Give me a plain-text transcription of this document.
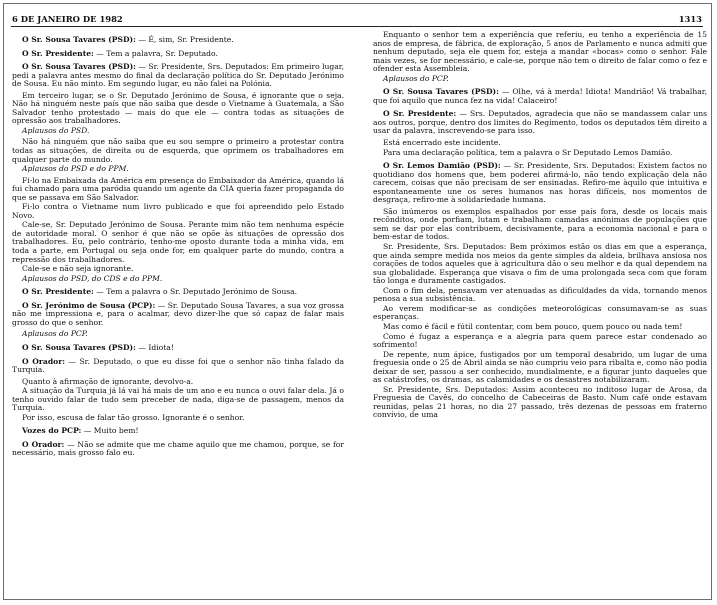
6 DE JANEIRO DE 1982	1313

O Sr. Sousa Tavares (PSD): — É, sim, Sr. Presidente.

O Sr. Presidente: — Tem a palavra, Sr. Deputado.

O Sr. Sousa Tavares (PSD): — Sr. Presidente, Srs. Deputados: Em primeiro lugar, pedi a palavra antes mesmo do final da declaração política do Sr. Deputado Jerónimo de Sousa. Eu não minto. Em segundo lugar, eu não falei na Polónia.

Em terceiro lugar, se o Sr. Deputado Jerónimo de Sousa, é ignorante que o seja. Não há ninguém neste país que não saiba que desde o Vietname à Guatemala, a São Salvador tenho protestado — mais do que ele — contra todas as situações de opressão aos trabalhadores.

Aplausos do PSD.

Não há ninguém que não saiba que eu sou sempre o primeiro a protestar contra todas as situações, de direita ou de esquerda, que oprimem os trabalhadores em qualquer parte do mundo.

Aplausos do PSD e do PPM.

Fi-lo na Embaixada da América em presença do Embaixador da América, quando lá fui chamado para uma paródia quando um agente da CIA queria fazer propaganda do que se passava em São Salvador.

Fi-lo contra o Vietname num livro publicado e que foi apreendido pelo Estado Novo.

Cale-se, Sr. Deputado Jerónimo de Sousa. Perante mim não tem nenhuma espécie de autoridade moral. O senhor é que não se opõe às situações de opressão dos trabalhadores. Eu, pelo contrário, tenho-me oposto durante toda a minha vida, em toda a parte, em Portugal ou seja onde for, em qualquer parte do mundo, contra a repressão dos trabalhadores.

Cale-se e não seja ignorante.

Aplausos do PSD, do CDS e do PPM.

O Sr. Presidente: — Tem a palavra o Sr. Deputado Jerónimo de Sousa.

O Sr. Jerónimo de Sousa (PCP): — Sr. Deputado Sousa Tavares, a sua voz grossa não me impressiona e, para o acalmar, devo dizer-lhe que só capaz de falar mais grosso do que o senhor.

Aplausos do PCP.

O Sr. Sousa Tavares (PSD): — Idiota!

O Orador: — Sr. Deputado, o que eu disse foi que o senhor não tinha falado da Turquia.

Quanto à afirmação de ignorante, devolvo-a.

A situação da Turquia já lá vai há mais de um ano e eu nunca o ouvi falar dela. Já o tenho ouvido falar de tudo sem preceber de nada, diga-se de passagem, menos da Turquia.

Por isso, escusa de falar tão grosso. Ignorante é o senhor.

Vozes do PCP: — Muito bem!

O Orador: — Não se admite que me chame aquilo que me chamou, porque, se for necessário, mais grosso falo eu.

Enquanto o senhor tem a experiência que referiu, eu tenho a experiência de 15 anos de empresa, de fábrica, de exploração, 5 anos de Parlamento e nunca admiti que nenhum deputado, seja ele quem for, esteja a mandar «bocas» como o senhor. Fale mais vezes, se for necessário, e cale-se, porque não tem o direito de falar como o fez e ofender esta Assembleia.

Aplausos do PCP.

O Sr. Sousa Tavares (PSD): — Olhe, vá à merda! Idiota! Mandrião! Vá trabalhar, que foi aquilo que nunca fez na vida! Calaceiro!

O Sr. Presidente: — Srs. Deputados, agradecia que não se mandassem calar uns aos outros, porque, dentro dos limites do Regimento, todos os deputados têm direito a usar da palavra, inscrevendo-se para isso.

Está encerrado este incidente.

Para uma declaração política, tem a palavra o Sr Deputado Lemos Damião.

O Sr. Lemos Damião (PSD): — Sr. Presidente, Srs. Deputados: Existem factos no quotidiano dos homens que, bem poderei afirmá-lo, não tendo explicação dela não carecem, coisas que não precisam de ser ensinadas. Refiro-me àquilo que intuitiva e espontaneamente une os seres humanos nas horas difíceis, nos momentos de desgraça, refiro-me à solidariedade humana.

São inúmeros os exemplos espalhados por esse país fora, desde os locais mais recônditos, onde porfiam, lutam e trabalham camadas anónimas de populações que sem se dar por elas contribuem, decisivamente, para a economia nacional e para o bem-estar de todos.

Sr. Presidente, Srs. Deputados: Bem próximos estão os dias em que a esperança, que ainda sempre medida nos meios da gente simples da aldeia, brilhava ansiosa nos corações de todos aqueles que à agricultura dão o seu melhor e da qual dependem na sua globalidade. Esperança que visava o fim de uma prolongada seca com que foram tão longa e duramente castigados.

Com o fim dela, pensavam ver atenuadas as dificuldades da vida, tornando menos penosa a sua subsistência.

Ao verem modificar-se as condições meteorológicas consumavam-se as suas esperanças.

Mas como é fácil e fútil contentar, com bem pouco, quem pouco ou nada tem!

Como é fugaz a esperança e a alegria para quem parece estar condenado ao sofrimento!

De repente, num ápice, fustigados por um temporal desabrido, um lugar de uma freguesia onde o 25 de Abril ainda se não cumpriu veio para ribalta e, como não podia deixar de ser, passou a ser conhecido, mundialmente, e a figurar junto daqueles que as catástrofes, os dramas, as calamidades e os desastres notabilizaram.

Sr. Presidente, Srs. Deputados: Assim aconteceu no inditoso lugar de Arosa, da Freguesia de Cavês, do concelho de Cabeceiras de Basto. Num café onde estavam reunidas, pelas 21 horas, no dia 27 passado, três dezenas de pessoas em fraterno convívio, de uma
